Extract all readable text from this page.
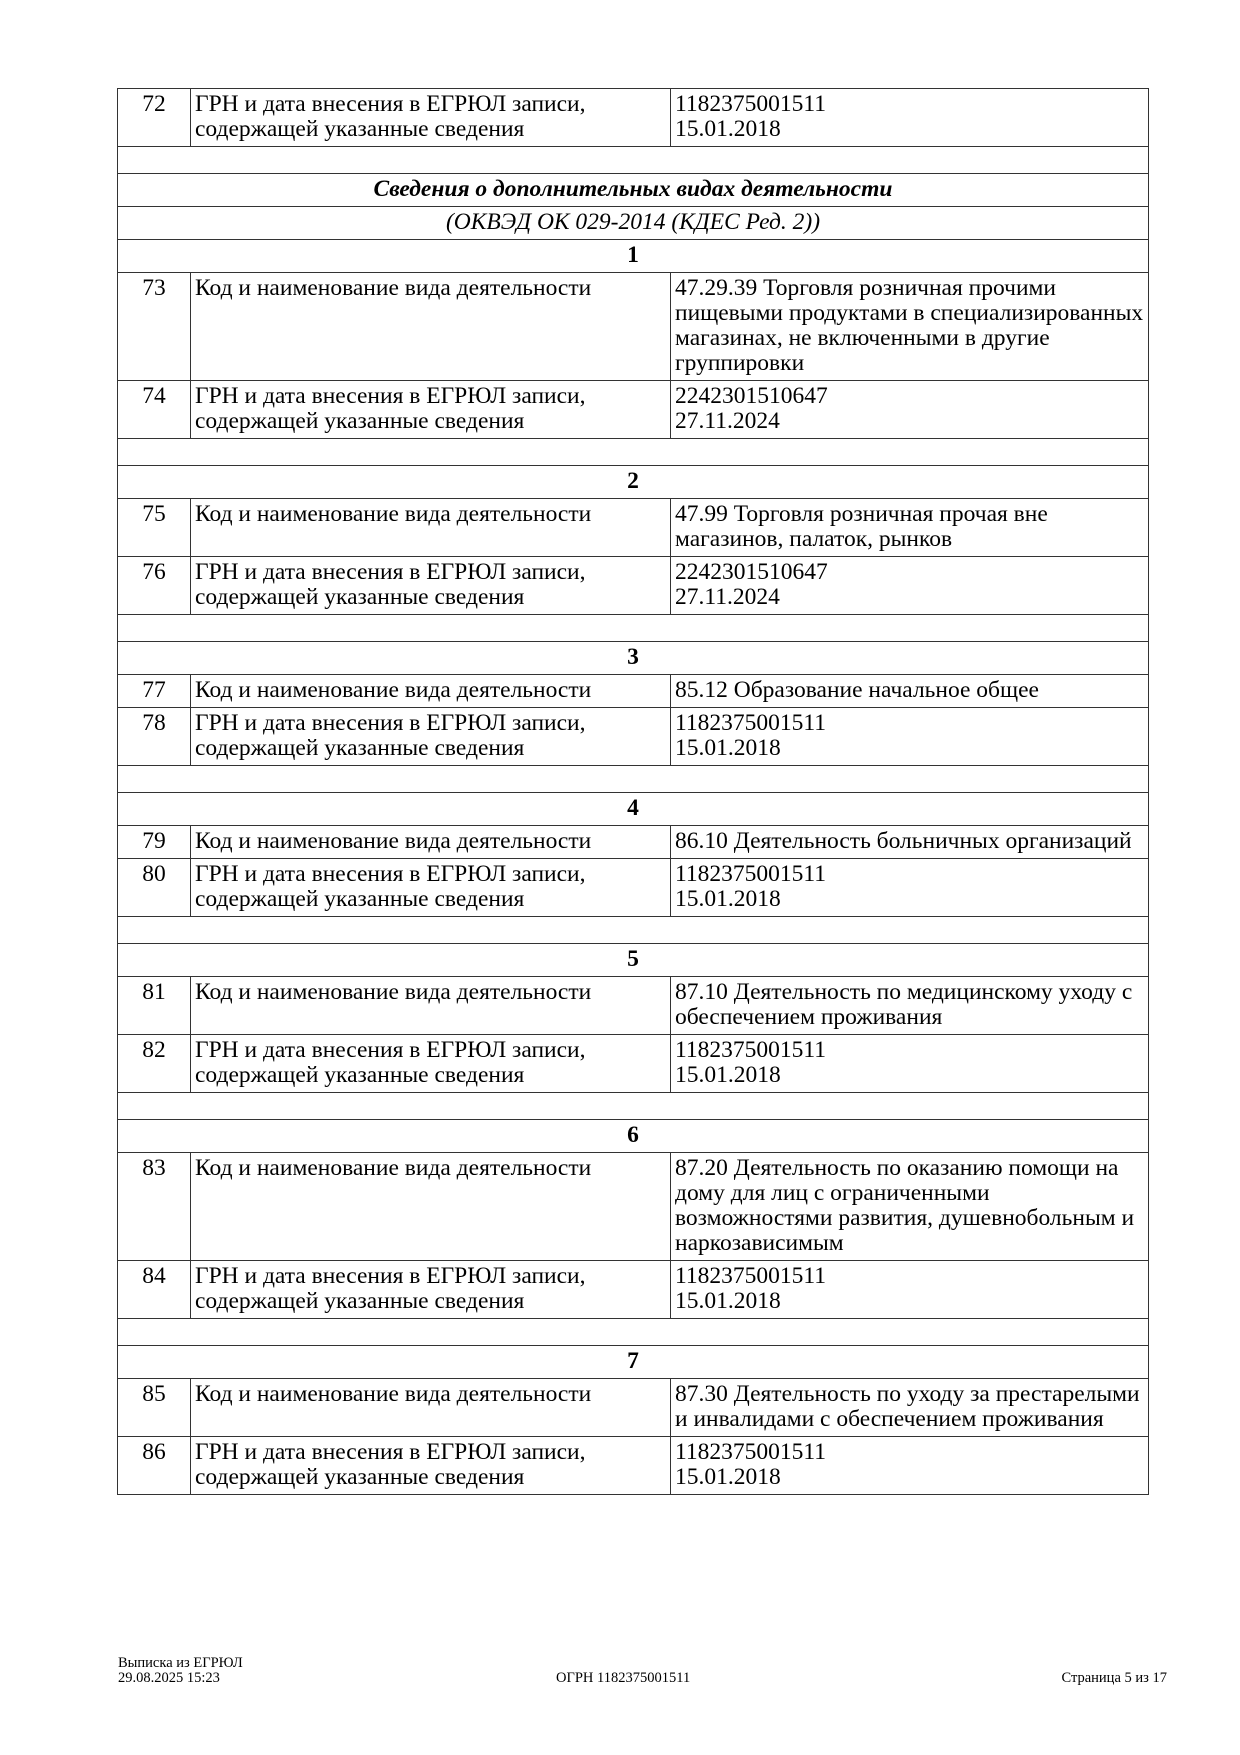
72	ГРН и дата внесения в ЕГРЮЛ записи, содержащей указанные сведения	1182375001511
15.01.2018

Сведения о дополнительных видах деятельности		
(ОКВЭД ОК 029-2014 (КДЕС Ред. 2))		
1		
73	Код и наименование вида деятельности	47.29.39 Торговля розничная прочими пищевыми продуктами в специализированных магазинах, не включенными в другие группировки
74	ГРН и дата внесения в ЕГРЮЛ записи, содержащей указанные сведения	2242301510647
27.11.2024

2		
75	Код и наименование вида деятельности	47.99 Торговля розничная прочая вне магазинов, палаток, рынков
76	ГРН и дата внесения в ЕГРЮЛ записи, содержащей указанные сведения	2242301510647
27.11.2024

3		
77	Код и наименование вида деятельности	85.12 Образование начальное общее
78	ГРН и дата внесения в ЕГРЮЛ записи, содержащей указанные сведения	1182375001511
15.01.2018

4		
79	Код и наименование вида деятельности	86.10 Деятельность больничных организаций
80	ГРН и дата внесения в ЕГРЮЛ записи, содержащей указанные сведения	1182375001511
15.01.2018

5		
81	Код и наименование вида деятельности	87.10 Деятельность по медицинскому уходу с обеспечением проживания
82	ГРН и дата внесения в ЕГРЮЛ записи, содержащей указанные сведения	1182375001511
15.01.2018

6		
83	Код и наименование вида деятельности	87.20 Деятельность по оказанию помощи на дому для лиц с ограниченными возможностями развития, душевнобольным и наркозависимым
84	ГРН и дата внесения в ЕГРЮЛ записи, содержащей указанные сведения	1182375001511
15.01.2018

7		
85	Код и наименование вида деятельности	87.30 Деятельность по уходу за престарелыми и инвалидами с обеспечением проживания
86	ГРН и дата внесения в ЕГРЮЛ записи, содержащей указанные сведения	1182375001511
15.01.2018
Выписка из ЕГРЮЛ
29.08.2025 15:23	ОГРН 1182375001511	Страница 5 из 17
